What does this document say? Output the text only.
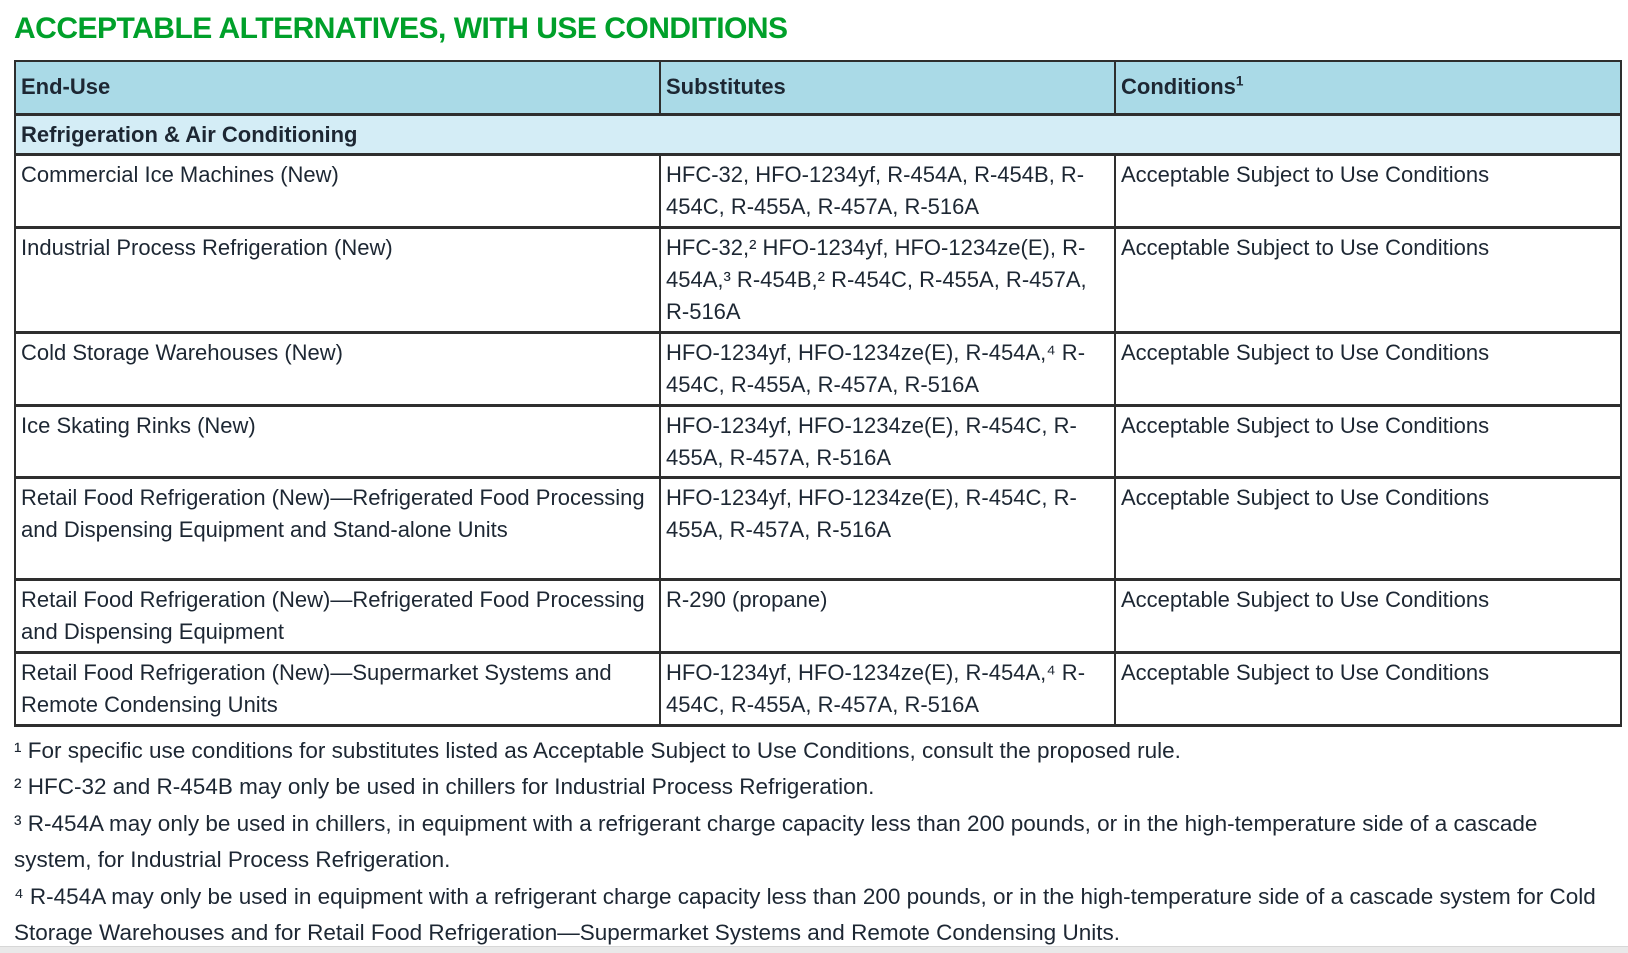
ACCEPTABLE ALTERNATIVES, WITH USE CONDITIONS
End-Use	Substitutes	Conditions$^1$
Refrigeration & Air Conditioning		
Commercial Ice Machines (New)	HFC-32, HFO-1234yf, R-454A, R-454B, R-454C, R-455A, R-457A, R-516A	Acceptable Subject to Use Conditions
Industrial Process Refrigeration (New)	HFC-32,² HFO-1234yf, HFO-1234ze(E), R-454A,³ R-454B,² R-454C, R-455A, R-457A, R-516A	Acceptable Subject to Use Conditions
Cold Storage Warehouses (New)	HFO-1234yf, HFO-1234ze(E), R-454A,⁴ R-454C, R-455A, R-457A, R-516A	Acceptable Subject to Use Conditions
Ice Skating Rinks (New)	HFO-1234yf, HFO-1234ze(E), R-454C, R-455A, R-457A, R-516A	Acceptable Subject to Use Conditions
Retail Food Refrigeration (New)—Refrigerated Food Processing and Dispensing Equipment and Stand-alone Units	HFO-1234yf, HFO-1234ze(E), R-454C, R-455A, R-457A, R-516A	Acceptable Subject to Use Conditions
Retail Food Refrigeration (New)—Refrigerated Food Processing and Dispensing Equipment	R-290 (propane)	Acceptable Subject to Use Conditions
Retail Food Refrigeration (New)—Supermarket Systems and Remote Condensing Units	HFO-1234yf, HFO-1234ze(E), R-454A,⁴ R-454C, R-455A, R-457A, R-516A	Acceptable Subject to Use Conditions

¹ For specific use conditions for substitutes listed as Acceptable Subject to Use Conditions, consult the proposed rule.

² HFC-32 and R-454B may only be used in chillers for Industrial Process Refrigeration.

³ R-454A may only be used in chillers, in equipment with a refrigerant charge capacity less than 200 pounds, or in the high-temperature side of a cascade system, for Industrial Process Refrigeration.

⁴ R-454A may only be used in equipment with a refrigerant charge capacity less than 200 pounds, or in the high-temperature side of a cascade system for Cold Storage Warehouses and for Retail Food Refrigeration—Supermarket Systems and Remote Condensing Units.
